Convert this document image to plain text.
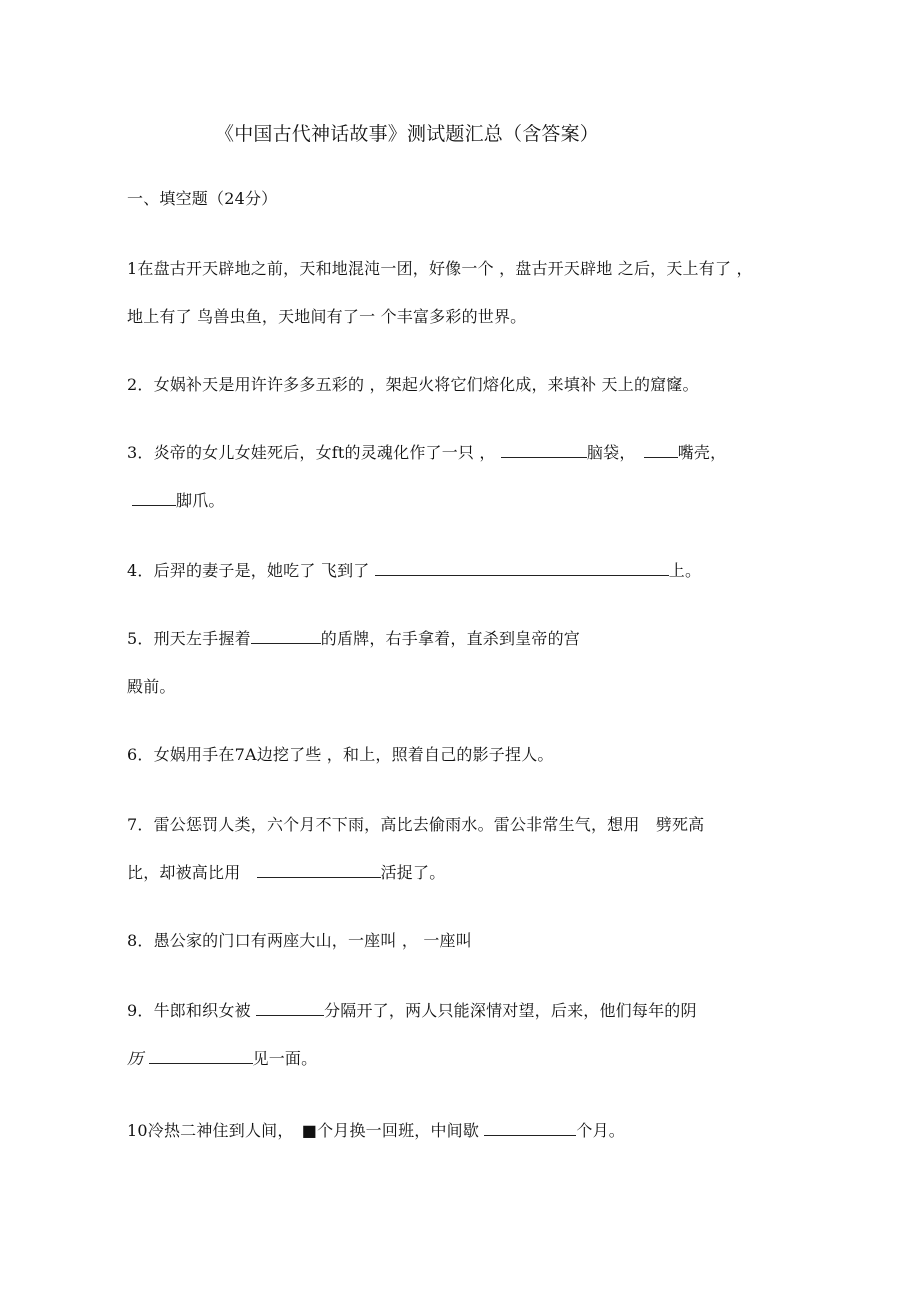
《中国古代神话故事》测试题汇总（含答案）
一、填空题（24分）
1在盘古开天辟地之前，天和地混沌一团，好像一个 ，盘古开天辟地 之后，天上有了 ，
地上有了 鸟兽虫鱼，天地间有了一 个丰富多彩的世界。
2．女娲补天是用许许多多五彩的 ，架起火将它们熔化成，来填补 天上的窟窿。
3．炎帝的女儿女娃死后，女ft的灵魂化作了一只 ，	脑袋，　	嘴壳，
脚爪。
4．后羿的妻子是，她吃了 飞到了	上。
5．刑天左手握着	的盾牌，右手拿着，直杀到皇帝的宫
殿前。
6．女娲用手在7A边挖了些 ，和上，照着自己的影子捏人。
7．雷公惩罚人类，六个月不下雨，高比去偷雨水。雷公非常生气，想用　劈死高
比，却被高比用　	活捉了。
8．愚公家的门口有两座大山，一座叫 ， 一座叫
9．牛郎和织女被	分隔开了，两人只能深情对望，后来，他们每年的阴
历	见一面。
10冷热二神住到人间，　 ■个月换一回班，中间歇	个月。
